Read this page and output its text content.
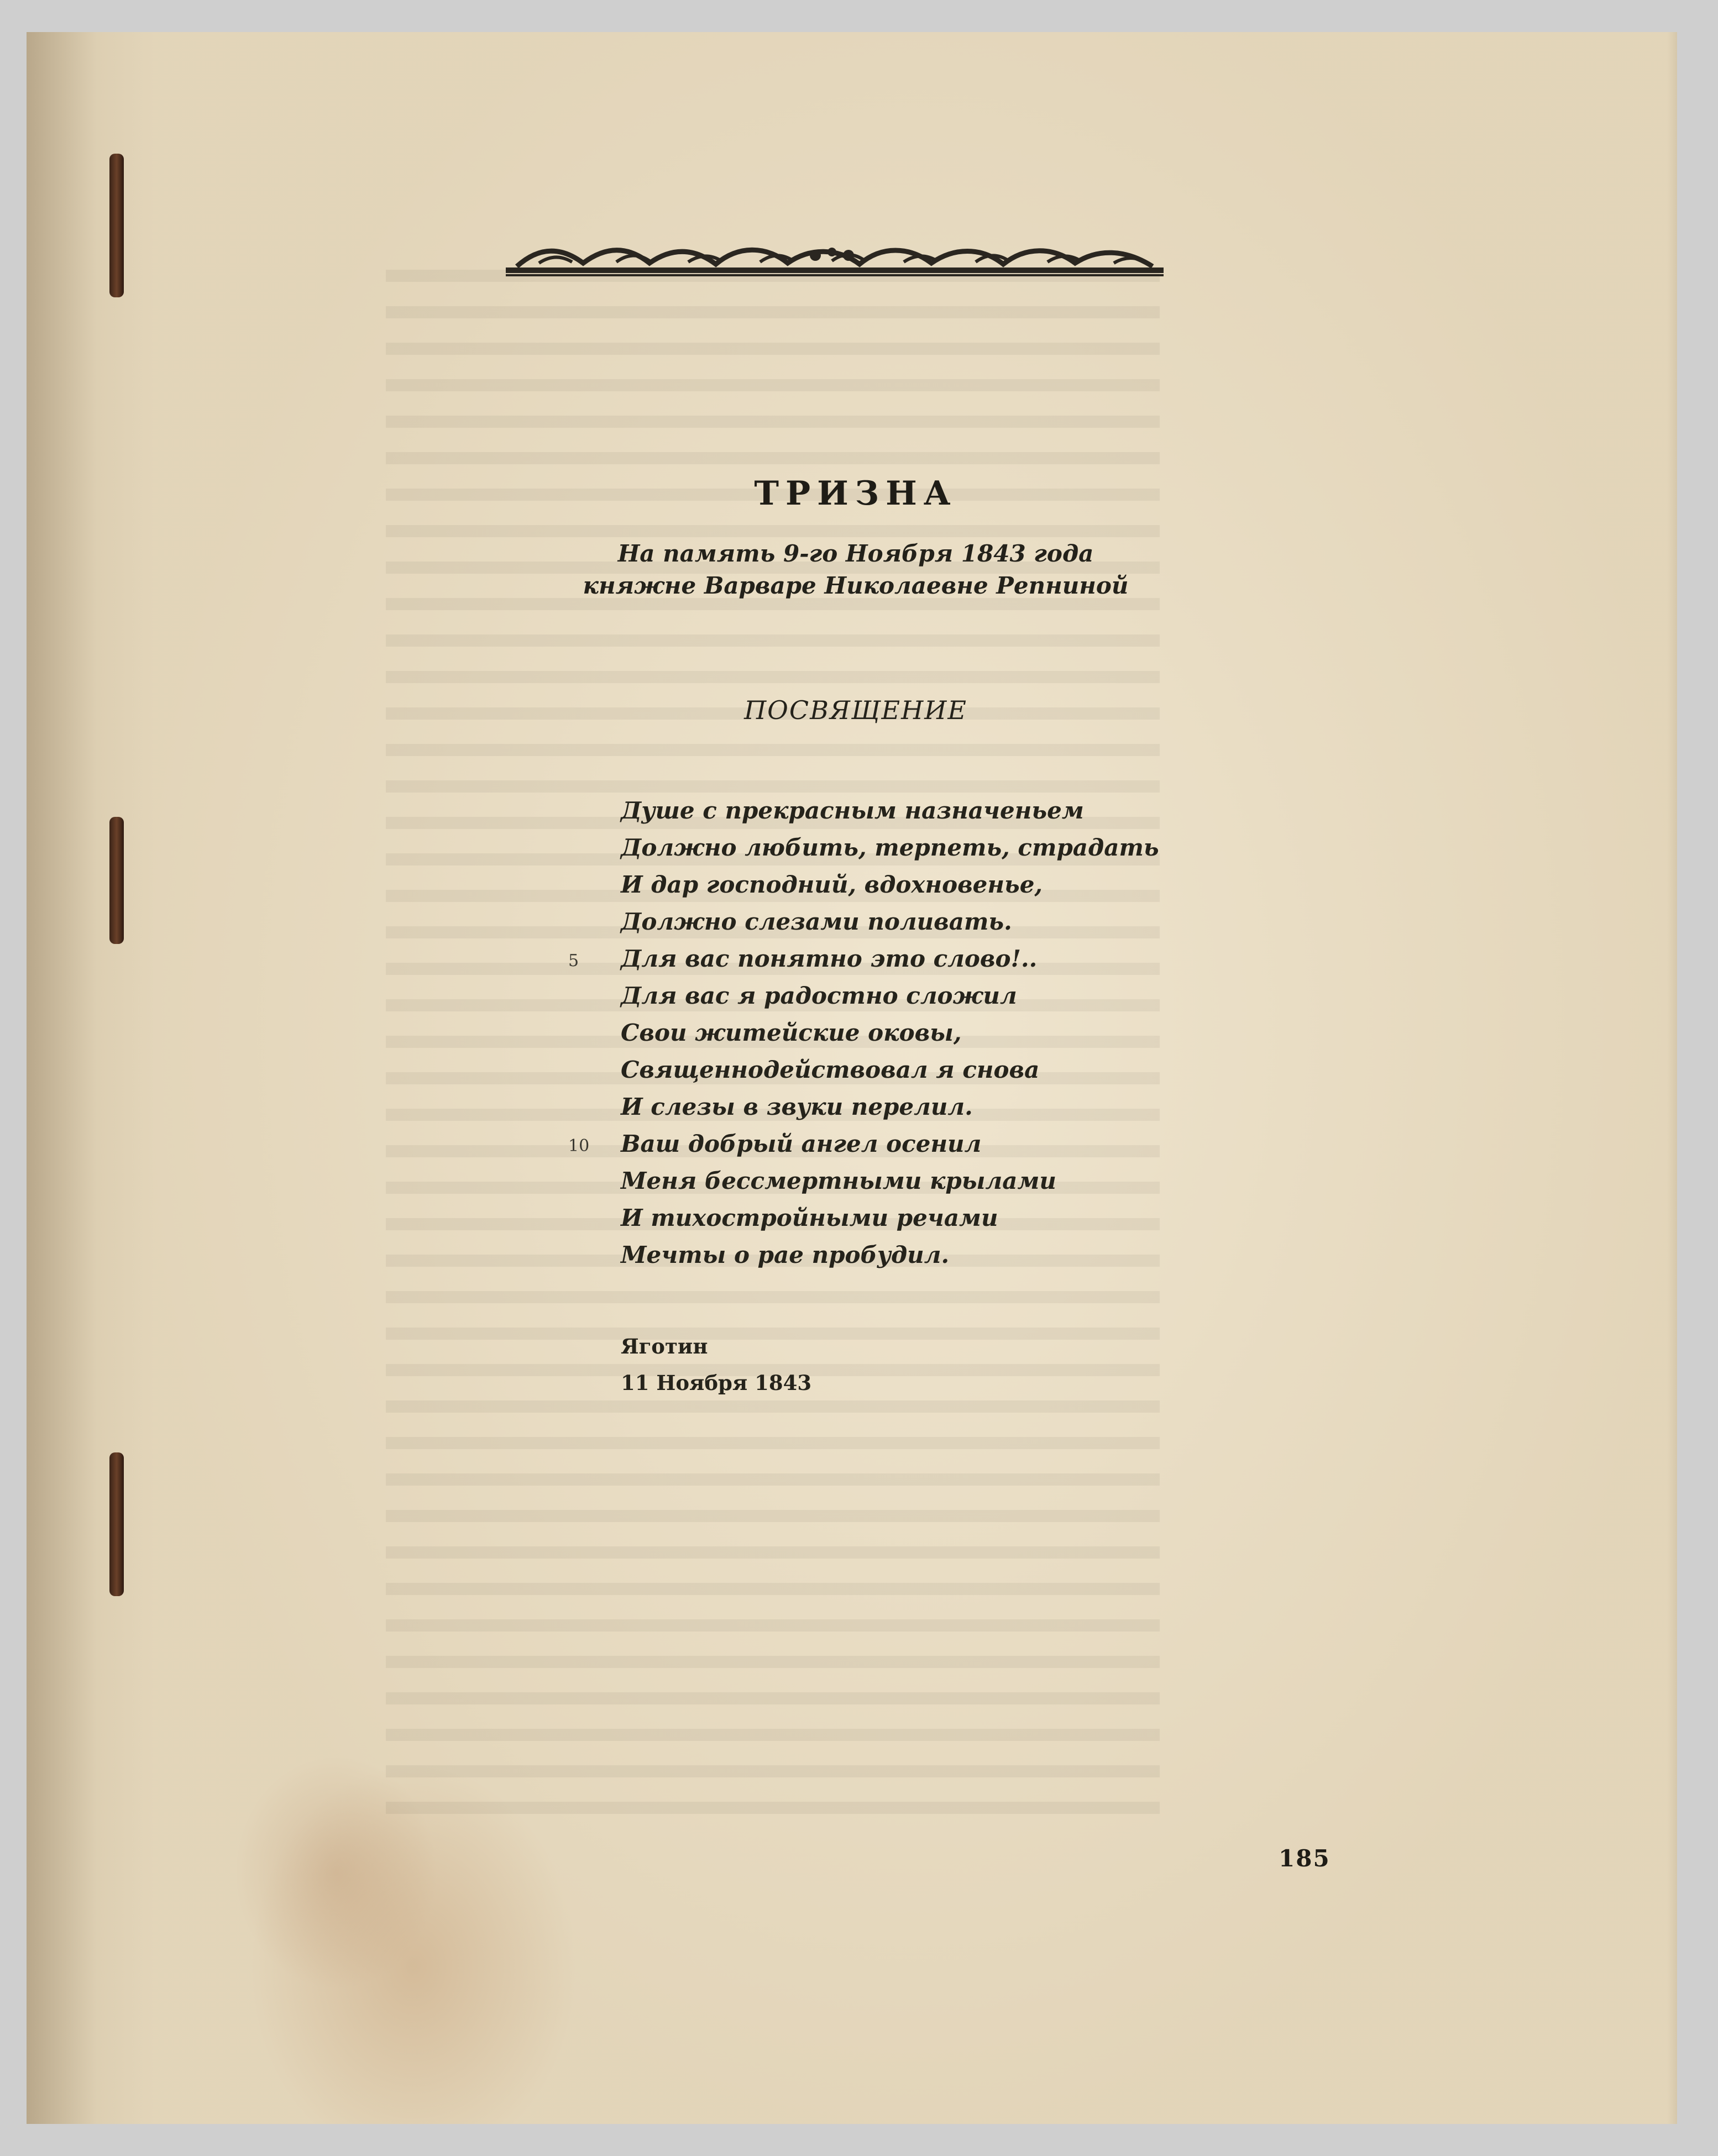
ТРИЗНА
На память 9-го Ноября 1843 года
княжне Варваре Николаевне Репниной
ПОСВЯЩЕНИЕ
Душе с прекрасным назначеньем
Должно любить, терпеть, страдать
И дар господний, вдохновенье,
Должно слезами поливать.
5	Для вас понятно это слово!..
Для вас я радостно сложил
Свои житейские оковы,
Священнодействовал я снова
И слезы в звуки перелил.
10 Ваш добрый ангел осенил
Меня бессмертными крылами
И тихостройными речами
Мечты о рае пробудил.
Яготин
11 Ноября 1843
185
